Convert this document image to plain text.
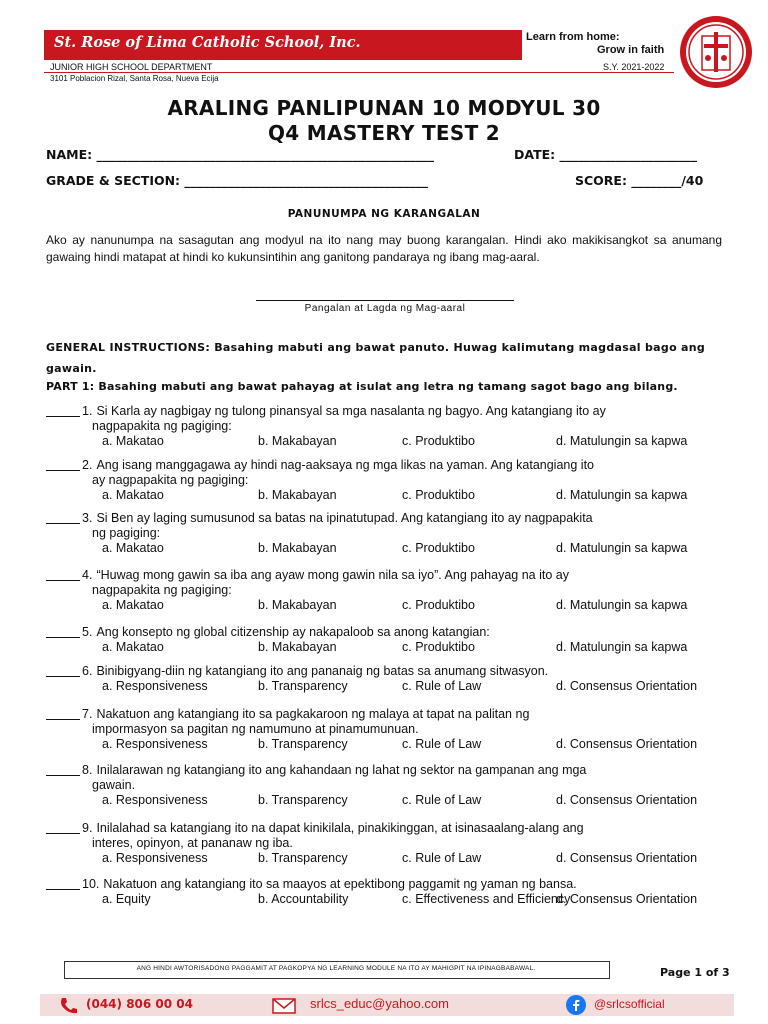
St. Rose of Lima Catholic School, Inc.	Learn from home:
Grow in faith
JUNIOR HIGH SCHOOL DEPARTMENT
3101 Poblacion Rizal, Santa Rosa, Nueva Ecija
S.Y. 2021-2022
ARALING PANLIPUNAN 10 MODYUL 30
Q4 MASTERY TEST 2
NAME: ______________________________________________________	DATE: ______________________
GRADE & SECTION: _______________________________________	SCORE: ________/40
PANUNUMPA NG KARANGALAN
Ako ay nanunumpa na sasagutan ang modyul na ito nang may buong karangalan. Hindi ako makikisangkot sa anumang gawaing hindi matapat at hindi ko kukunsintihin ang ganitong pandaraya ng ibang mag-aaral.
Pangalan at Lagda ng Mag-aaral
GENERAL INSTRUCTIONS: Basahing mabuti ang bawat panuto. Huwag kalimutang magdasal bago ang gawain.
PART 1: Basahing mabuti ang bawat pahayag at isulat ang letra ng tamang sagot bago ang bilang.
1. Si Karla ay nagbigay ng tulong pinansyal sa mga nasalanta ng bagyo. Ang katangiang ito ay
nagpapakita ng pagiging:
a. Makatao	b. Makabayan	c. Produktibo	d. Matulungin sa kapwa
2. Ang isang manggagawa ay hindi nag-aaksaya ng mga likas na yaman. Ang katangiang ito
ay nagpapakita ng pagiging:
a. Makatao	b. Makabayan	c. Produktibo	d. Matulungin sa kapwa
3. Si Ben ay laging sumusunod sa batas na ipinatutupad. Ang katangiang ito ay nagpapakita
ng pagiging:
a. Makatao	b. Makabayan	c. Produktibo	d. Matulungin sa kapwa
4. “Huwag mong gawin sa iba ang ayaw mong gawin nila sa iyo”. Ang pahayag na ito ay
nagpapakita ng pagiging:
a. Makatao	b. Makabayan	c. Produktibo	d. Matulungin sa kapwa
5. Ang konsepto ng global citizenship ay nakapaloob sa anong katangian:
a. Makatao	b. Makabayan	c. Produktibo	d. Matulungin sa kapwa
6. Binibigyang-diin ng katangiang ito ang pananaig ng batas sa anumang sitwasyon.
a. Responsiveness	b. Transparency	c. Rule of Law	d. Consensus Orientation
7. Nakatuon ang katangiang ito sa pagkakaroon ng malaya at tapat na palitan ng
impormasyon sa pagitan ng namumuno at pinamumunuan.
a. Responsiveness	b. Transparency	c. Rule of Law	d. Consensus Orientation
8. Inilalarawan ng katangiang ito ang kahandaan ng lahat ng sektor na gampanan ang mga
gawain.
a. Responsiveness	b. Transparency	c. Rule of Law	d. Consensus Orientation
9. Inilalahad sa katangiang ito na dapat kinikilala, pinakikinggan, at isinasaalang-alang ang
interes, opinyon, at pananaw ng iba.
a. Responsiveness	b. Transparency	c. Rule of Law	d. Consensus Orientation
10. Nakatuon ang katangiang ito sa maayos at epektibong paggamit ng yaman ng bansa.
a. Equity	b. Accountability	c. Effectiveness and Efficiency
d. Consensus Orientation
ANG HINDI AWTORISADONG PAGGAMIT AT PAGKOPYA NG LEARNING MODULE NA ITO AY MAHIGPIT NA IPINAGBABAWAL.	Page 1 of 3
(044) 806 00 04	srlcs_educ@yahoo.com	@srlcsofficial
